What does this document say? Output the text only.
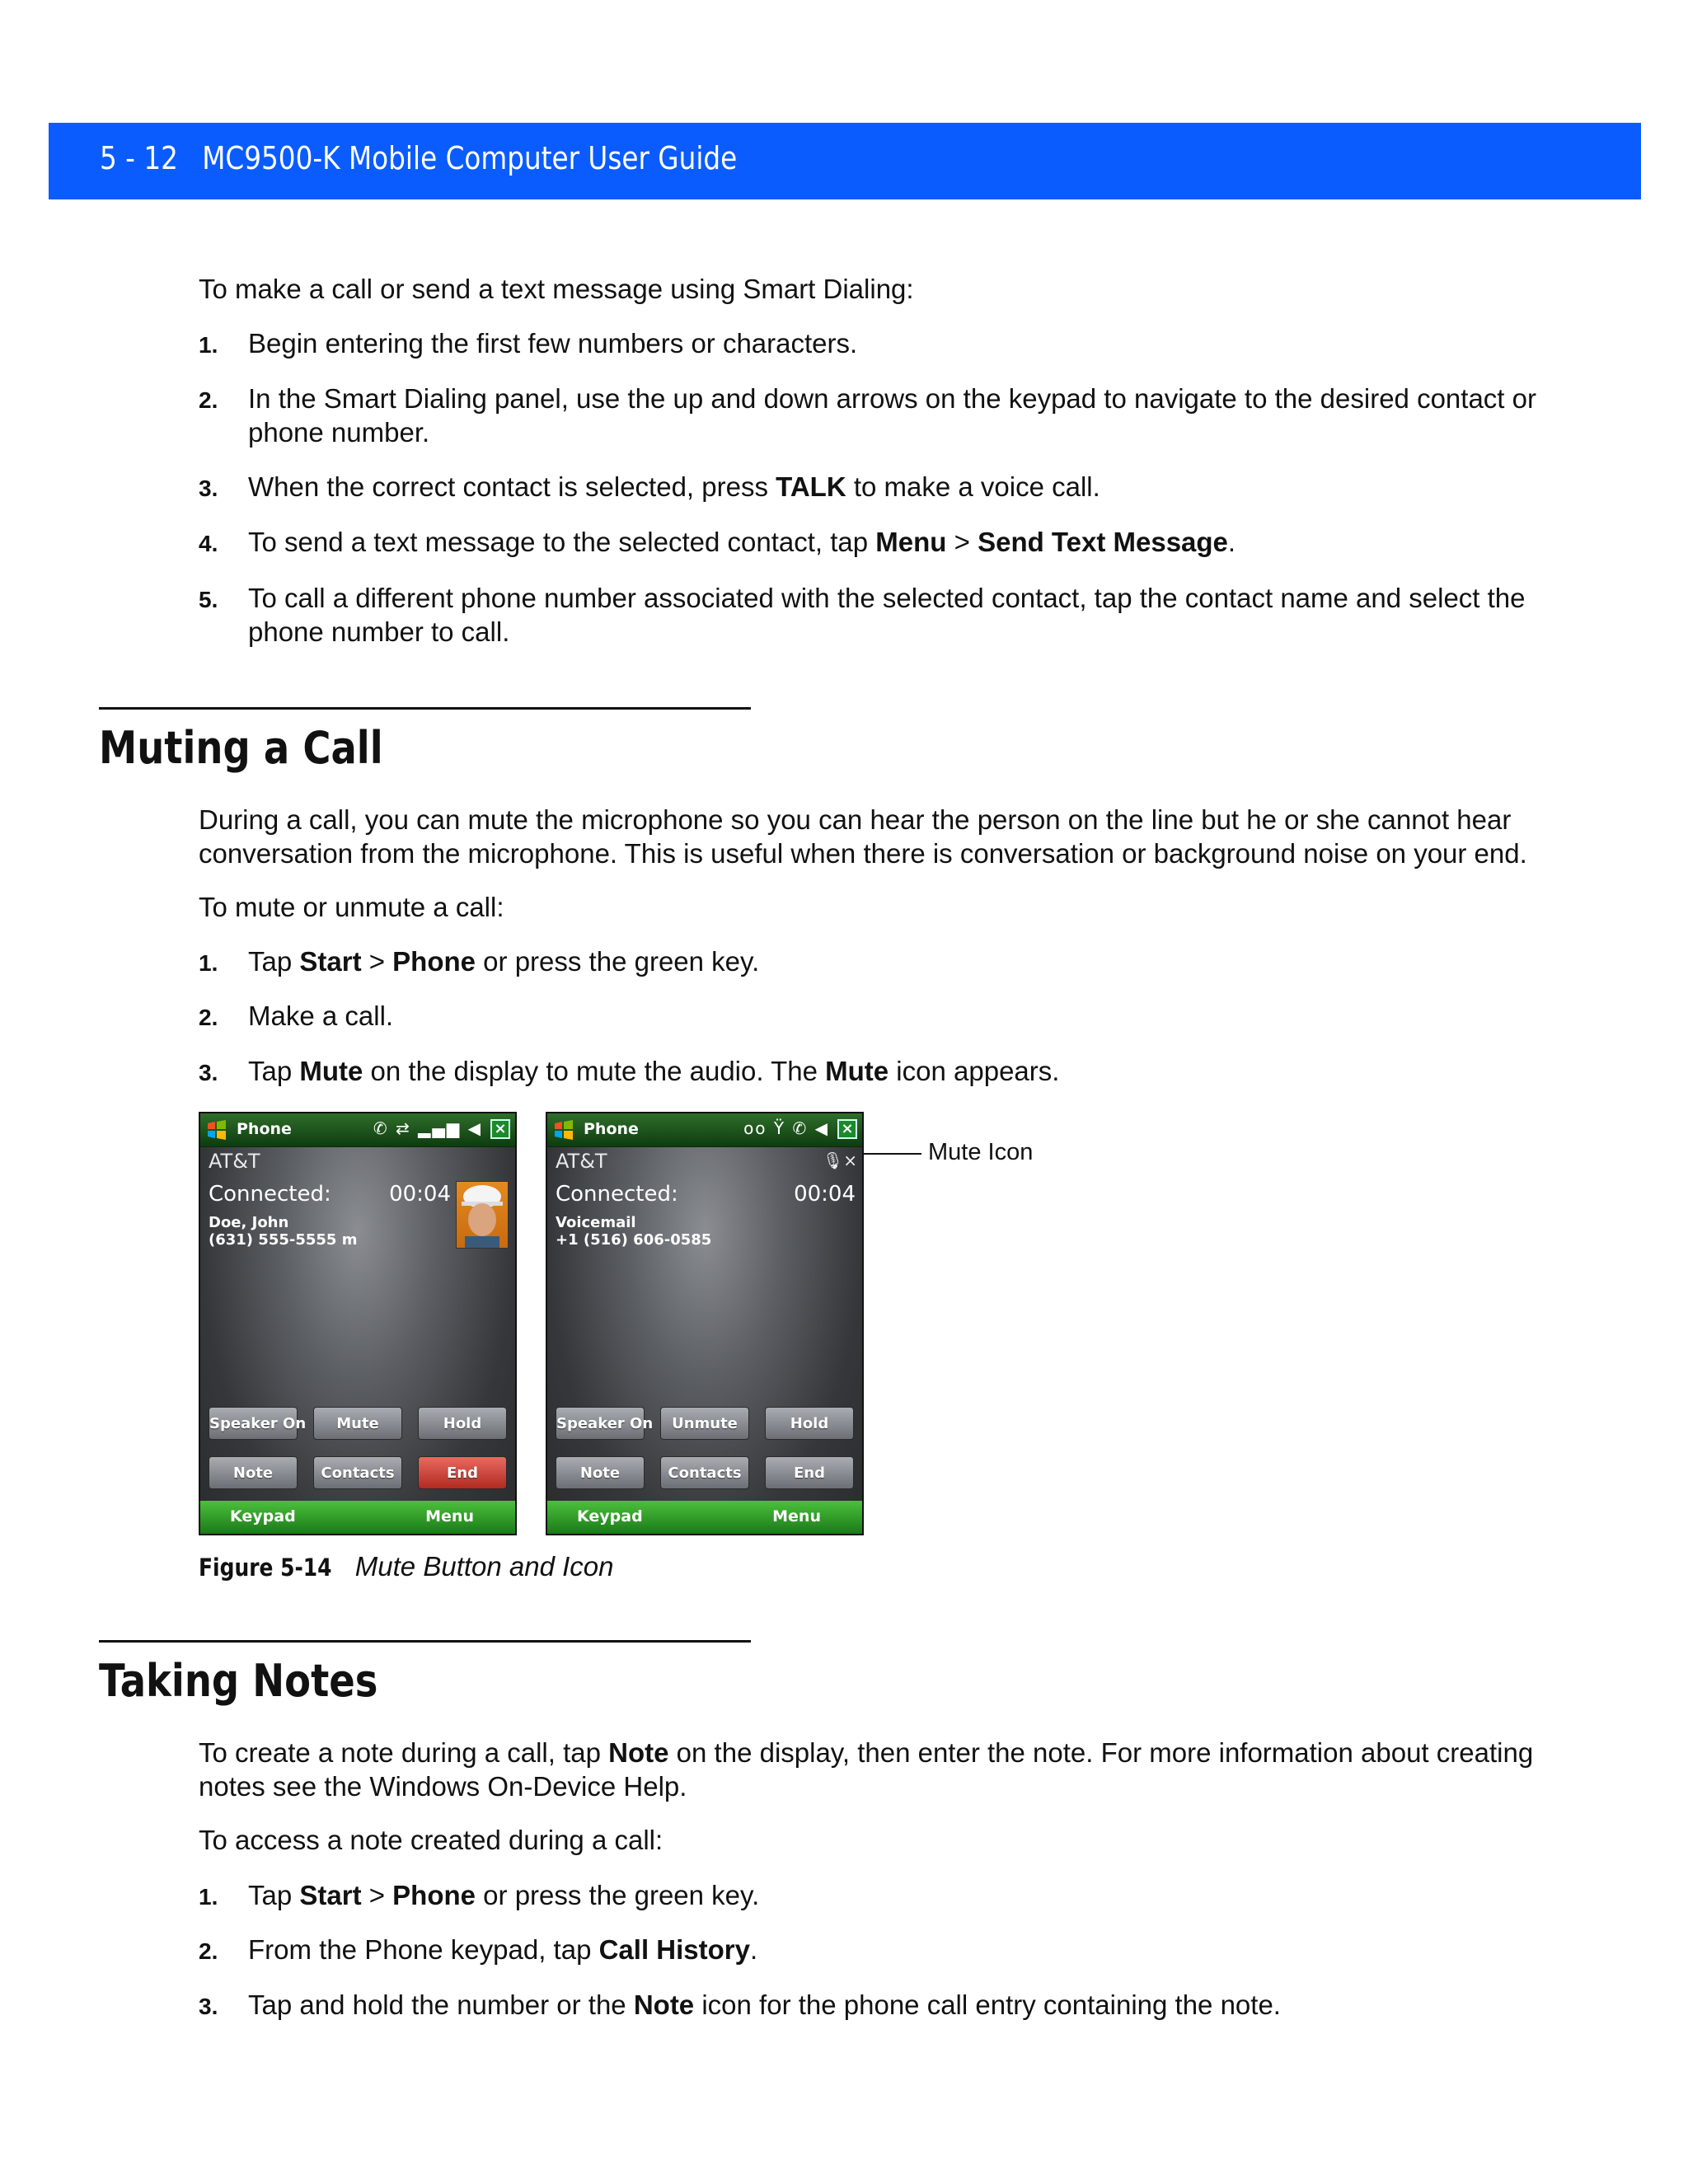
5 - 12 MC9500-K Mobile Computer User Guide
To make a call or send a text message using Smart Dialing:
1.	Begin entering the first few numbers or characters.
2.	In the Smart Dialing panel, use the up and down arrows on the keypad to navigate to the desired contact or phone number.
3.	When the correct contact is selected, press TALK to make a voice call.
4.	To send a text message to the selected contact, tap Menu > Send Text Message.
5.	To call a different phone number associated with the selected contact, tap the contact name and select the phone number to call.
Muting a Call
During a call, you can mute the microphone so you can hear the person on the line but he or she cannot hear conversation from the microphone. This is useful when there is conversation or background noise on your end.
To mute or unmute a call:
1.	Tap Start > Phone or press the green key.
2.	Make a call.
3.	Tap Mute on the display to mute the audio. The Mute icon appears.
Phone	✆ ⇄ ▂▄▆ ◀︎ ×
AT&T
Connected:	00:04
Doe, John
(631) 555-5555 m
Speaker On	Mute	Hold
Note	Contacts	End
Keypad	Menu
Phone	oo Ÿ ✆ ◀︎ ×
AT&T	🎙×
Connected:	00:04
Voicemail
+1 (516) 606-0585
Speaker On	Unmute	Hold
Note	Contacts	End
Keypad	Menu
Mute Icon
Figure 5-14 Mute Button and Icon
Taking Notes
To create a note during a call, tap Note on the display, then enter the note. For more information about creating notes see the Windows On-Device Help.
To access a note created during a call:
1.	Tap Start > Phone or press the green key.
2.	From the Phone keypad, tap Call History.
3.	Tap and hold the number or the Note icon for the phone call entry containing the note.
